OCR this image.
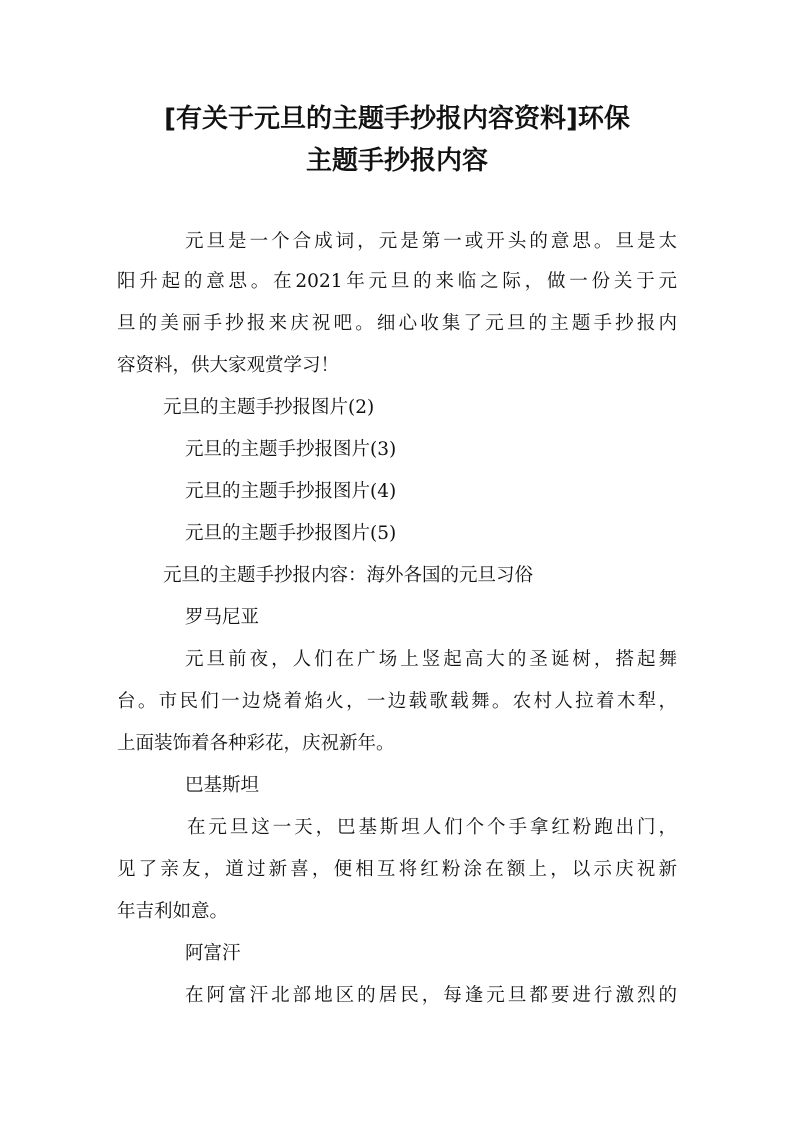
[有关于元旦的主题手抄报内容资料]环保
主题手抄报内容

元旦是一个合成词，元是第一或开头的意思。旦是太

阳升起的意思。在2021年元旦的来临之际，做一份关于元

旦的美丽手抄报来庆祝吧。细心收集了元旦的主题手抄报内

容资料，供大家观赏学习！

元旦的主题手抄报图片(2)

元旦的主题手抄报图片(3)

元旦的主题手抄报图片(4)

元旦的主题手抄报图片(5)

元旦的主题手抄报内容：海外各国的元旦习俗

罗马尼亚

元旦前夜，人们在广场上竖起高大的圣诞树，搭起舞

台。市民们一边烧着焰火，一边载歌载舞。农村人拉着木犁，

上面装饰着各种彩花，庆祝新年。

巴基斯坦

在元旦这一天，巴基斯坦人们个个手拿红粉跑出门，

见了亲友，道过新喜，便相互将红粉涂在额上，以示庆祝新

年吉利如意。

阿富汗

在阿富汗北部地区的居民，每逢元旦都要进行激烈的
